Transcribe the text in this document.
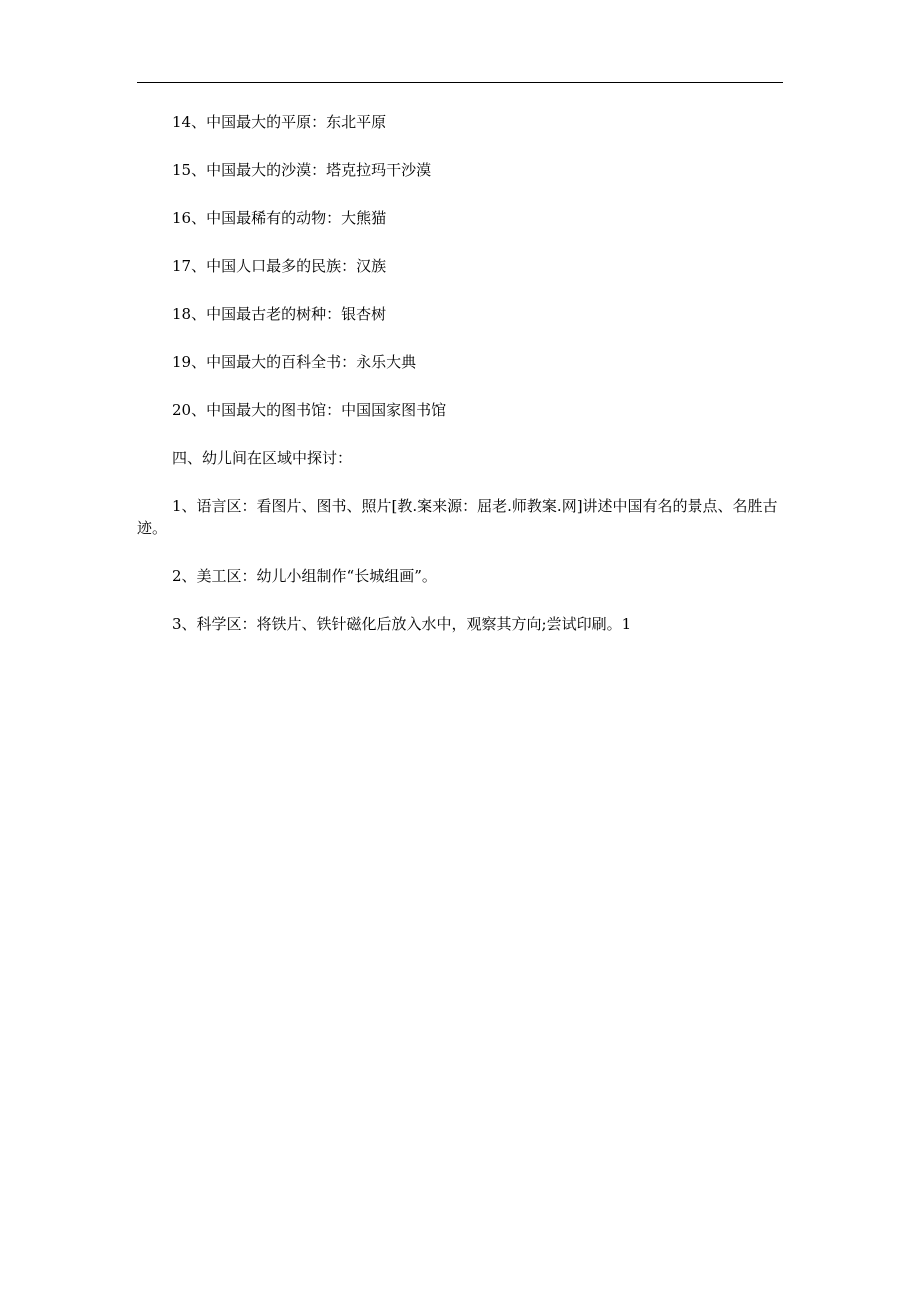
14、中国最大的平原：东北平原

15、中国最大的沙漠：塔克拉玛干沙漠

16、中国最稀有的动物：大熊猫

17、中国人口最多的民族：汉族

18、中国最古老的树种：银杏树

19、中国最大的百科全书：永乐大典

20、中国最大的图书馆：中国国家图书馆

四、幼儿间在区域中探讨：

1、语言区：看图片、图书、照片[教.案来源：屈老.师教案.网]讲述中国有名的景点、名胜古迹。

2、美工区：幼儿小组制作“长城组画”。

3、科学区：将铁片、铁针磁化后放入水中，观察其方向;尝试印刷。1
